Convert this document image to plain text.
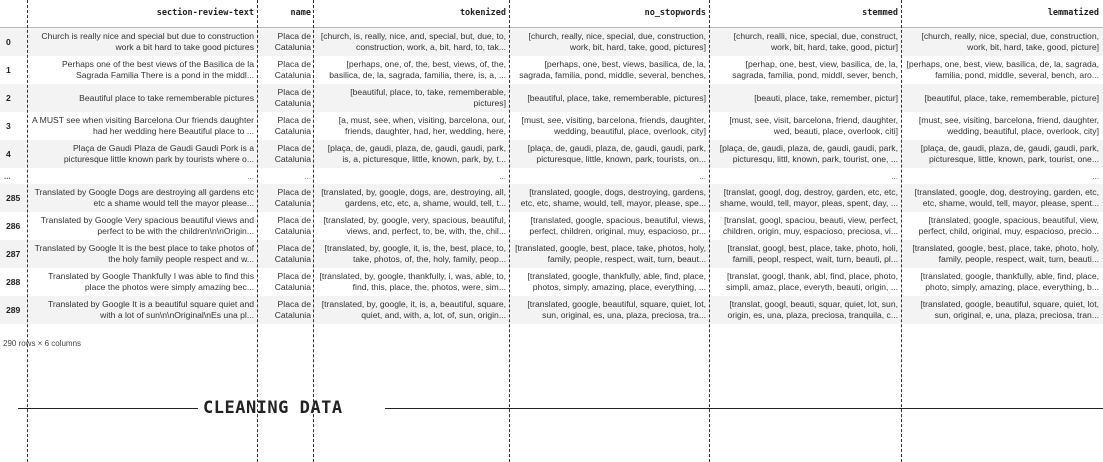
	section-review-text	name	tokenized	no_stopwords	stemmed	lemmatized

0	Church is really nice and special but due to construction work a bit hard to take good pictures	Placa de Catalunia	[church, is, really, nice, and, special, but, due, to, construction, work, a, bit, hard, to, tak...	[church, really, nice, special, due, construction, work, bit, hard, take, good, pictures]	[church, realli, nice, special, due, construct, work, bit, hard, take, good, pictur]	[church, really, nice, special, due, construction, work, bit, hard, take, good, picture]

1	Perhaps one of the best views of the Basilica de la Sagrada Familia There is a pond in the middl...	Placa de Catalunia	[perhaps, one, of, the, best, views, of, the, basilica, de, la, sagrada, familia, there, is, a, ...	[perhaps, one, best, views, basilica, de, la, sagrada, familia, pond, middle, several, benches,	[perhap, one, best, view, basilica, de, la, sagrada, familia, pond, middl, sever, bench,	[perhaps, one, best, view, basilica, de, la, sagrada, familia, pond, middle, several, bench, aro...

2	Beautiful place to take rememberable pictures	Placa de Catalunia	[beautiful, place, to, take, rememberable, pictures]	[beautiful, place, take, rememberable, pictures]	[beauti, place, take, remember, pictur]	[beautiful, place, take, rememberable, picture]

3	A MUST see when visiting Barcelona Our friends daughter had her wedding here Beautiful place to ...	Placa de Catalunia	[a, must, see, when, visiting, barcelona, our, friends, daughter, had, her, wedding, here,	[must, see, visiting, barcelona, friends, daughter, wedding, beautiful, place, overlook, city]	[must, see, visit, barcelona, friend, daughter, wed, beauti, place, overlook, citi]	[must, see, visiting, barcelona, friend, daughter, wedding, beautiful, place, overlook, city]

4	Plaça de Gaudi Plaza de Gaudi Gaudi Pork is a picturesque little known park by tourists where o...	Placa de Catalunia	[plaça, de, gaudi, plaza, de, gaudi, gaudi, park, is, a, picturesque, little, known, park, by, t...	[plaça, de, gaudi, plaza, de, gaudi, gaudi, park, picturesque, little, known, park, tourists, on...	[plaça, de, gaudi, plaza, de, gaudi, gaudi, park, picturesqu, littl, known, park, tourist, one, ...	[plaça, de, gaudi, plaza, de, gaudi, gaudi, park, picturesque, little, known, park, tourist, one...

...	...	...	...	...	...	...

285	Translated by Google Dogs are destroying all gardens etc etc a shame would tell the mayor please...	Placa de Catalunia	[translated, by, google, dogs, are, destroying, all, gardens, etc, etc, a, shame, would, tell, t...	[translated, google, dogs, destroying, gardens, etc, etc, shame, would, tell, mayor, please, spe...	[translat, googl, dog, destroy, garden, etc, etc, shame, would, tell, mayor, pleas, spent, day, ...	[translated, google, dog, destroying, garden, etc, etc, shame, would, tell, mayor, please, spent...

286	Translated by Google Very spacious beautiful views and perfect to be with the children\n\nOrigin...	Placa de Catalunia	[translated, by, google, very, spacious, beautiful, views, and, perfect, to, be, with, the, chil...	[translated, google, spacious, beautiful, views, perfect, children, original, muy, espacioso, pr...	[translat, googl, spaciou, beauti, view, perfect, children, origin, muy, espacioso, preciosa, vi...	[translated, google, spacious, beautiful, view, perfect, child, original, muy, espacioso, precio...

287	Translated by Google It is the best place to take photos of the holy family people respect and w...	Placa de Catalunia	[translated, by, google, it, is, the, best, place, to, take, photos, of, the, holy, family, peop...	[translated, google, best, place, take, photos, holy, family, people, respect, wait, turn, beaut...	[translat, googl, best, place, take, photo, holi, famili, peopl, respect, wait, turn, beauti, pl...	[translated, google, best, place, take, photo, holy, family, people, respect, wait, turn, beauti...

288	Translated by Google Thankfully I was able to find this place the photos were simply amazing bec...	Placa de Catalunia	[translated, by, google, thankfully, i, was, able, to, find, this, place, the, photos, were, sim...	[translated, google, thankfully, able, find, place, photos, simply, amazing, place, everything, ...	[translat, googl, thank, abl, find, place, photo, simpli, amaz, place, everyth, beauti, origin, ...	[translated, google, thankfully, able, find, place, photo, simply, amazing, place, everything, b...

289	Translated by Google It is a beautiful square quiet and with a lot of sun\n\nOriginal\nEs una pl...	Placa de Catalunia	[translated, by, google, it, is, a, beautiful, square, quiet, and, with, a, lot, of, sun, origin...	[translated, google, beautiful, square, quiet, lot, sun, original, es, una, plaza, preciosa, tra...	[translat, googl, beauti, squar, quiet, lot, sun, origin, es, una, plaza, preciosa, tranquila, c...	[translated, google, beautiful, square, quiet, lot, sun, original, e, una, plaza, preciosa, tran...
290 rows × 6 columns
CLEANING DATA
